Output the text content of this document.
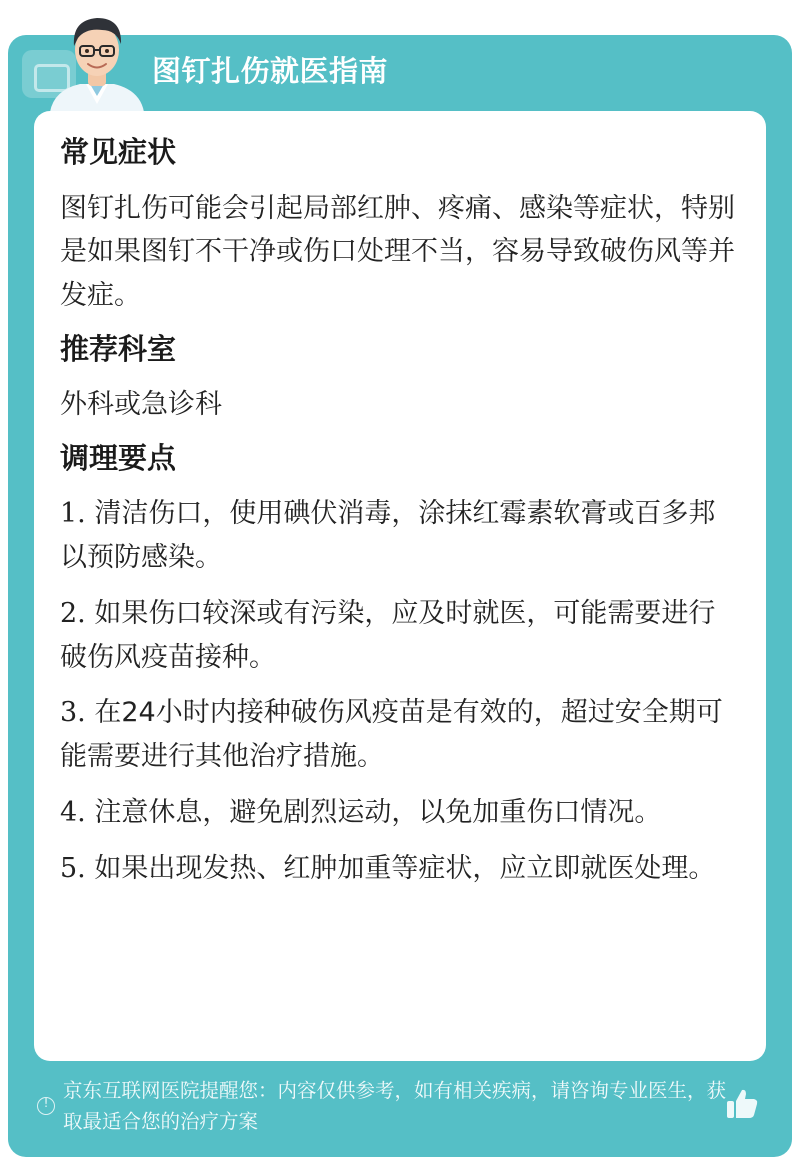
图钉扎伤就医指南
常见症状
图钉扎伤可能会引起局部红肿、疼痛、感染等症状，特别是如果图钉不干净或伤口处理不当，容易导致破伤风等并发症。
推荐科室
外科或急诊科
调理要点
1. 清洁伤口，使用碘伏消毒，涂抹红霉素软膏或百多邦以预防感染。
2. 如果伤口较深或有污染，应及时就医，可能需要进行破伤风疫苗接种。
3. 在24小时内接种破伤风疫苗是有效的，超过安全期可能需要进行其他治疗措施。
4. 注意休息，避免剧烈运动，以免加重伤口情况。
5. 如果出现发热、红肿加重等症状，应立即就医处理。
!
京东互联网医院提醒您：内容仅供参考，如有相关疾病，请咨询专业医生，获取最适合您的治疗方案
